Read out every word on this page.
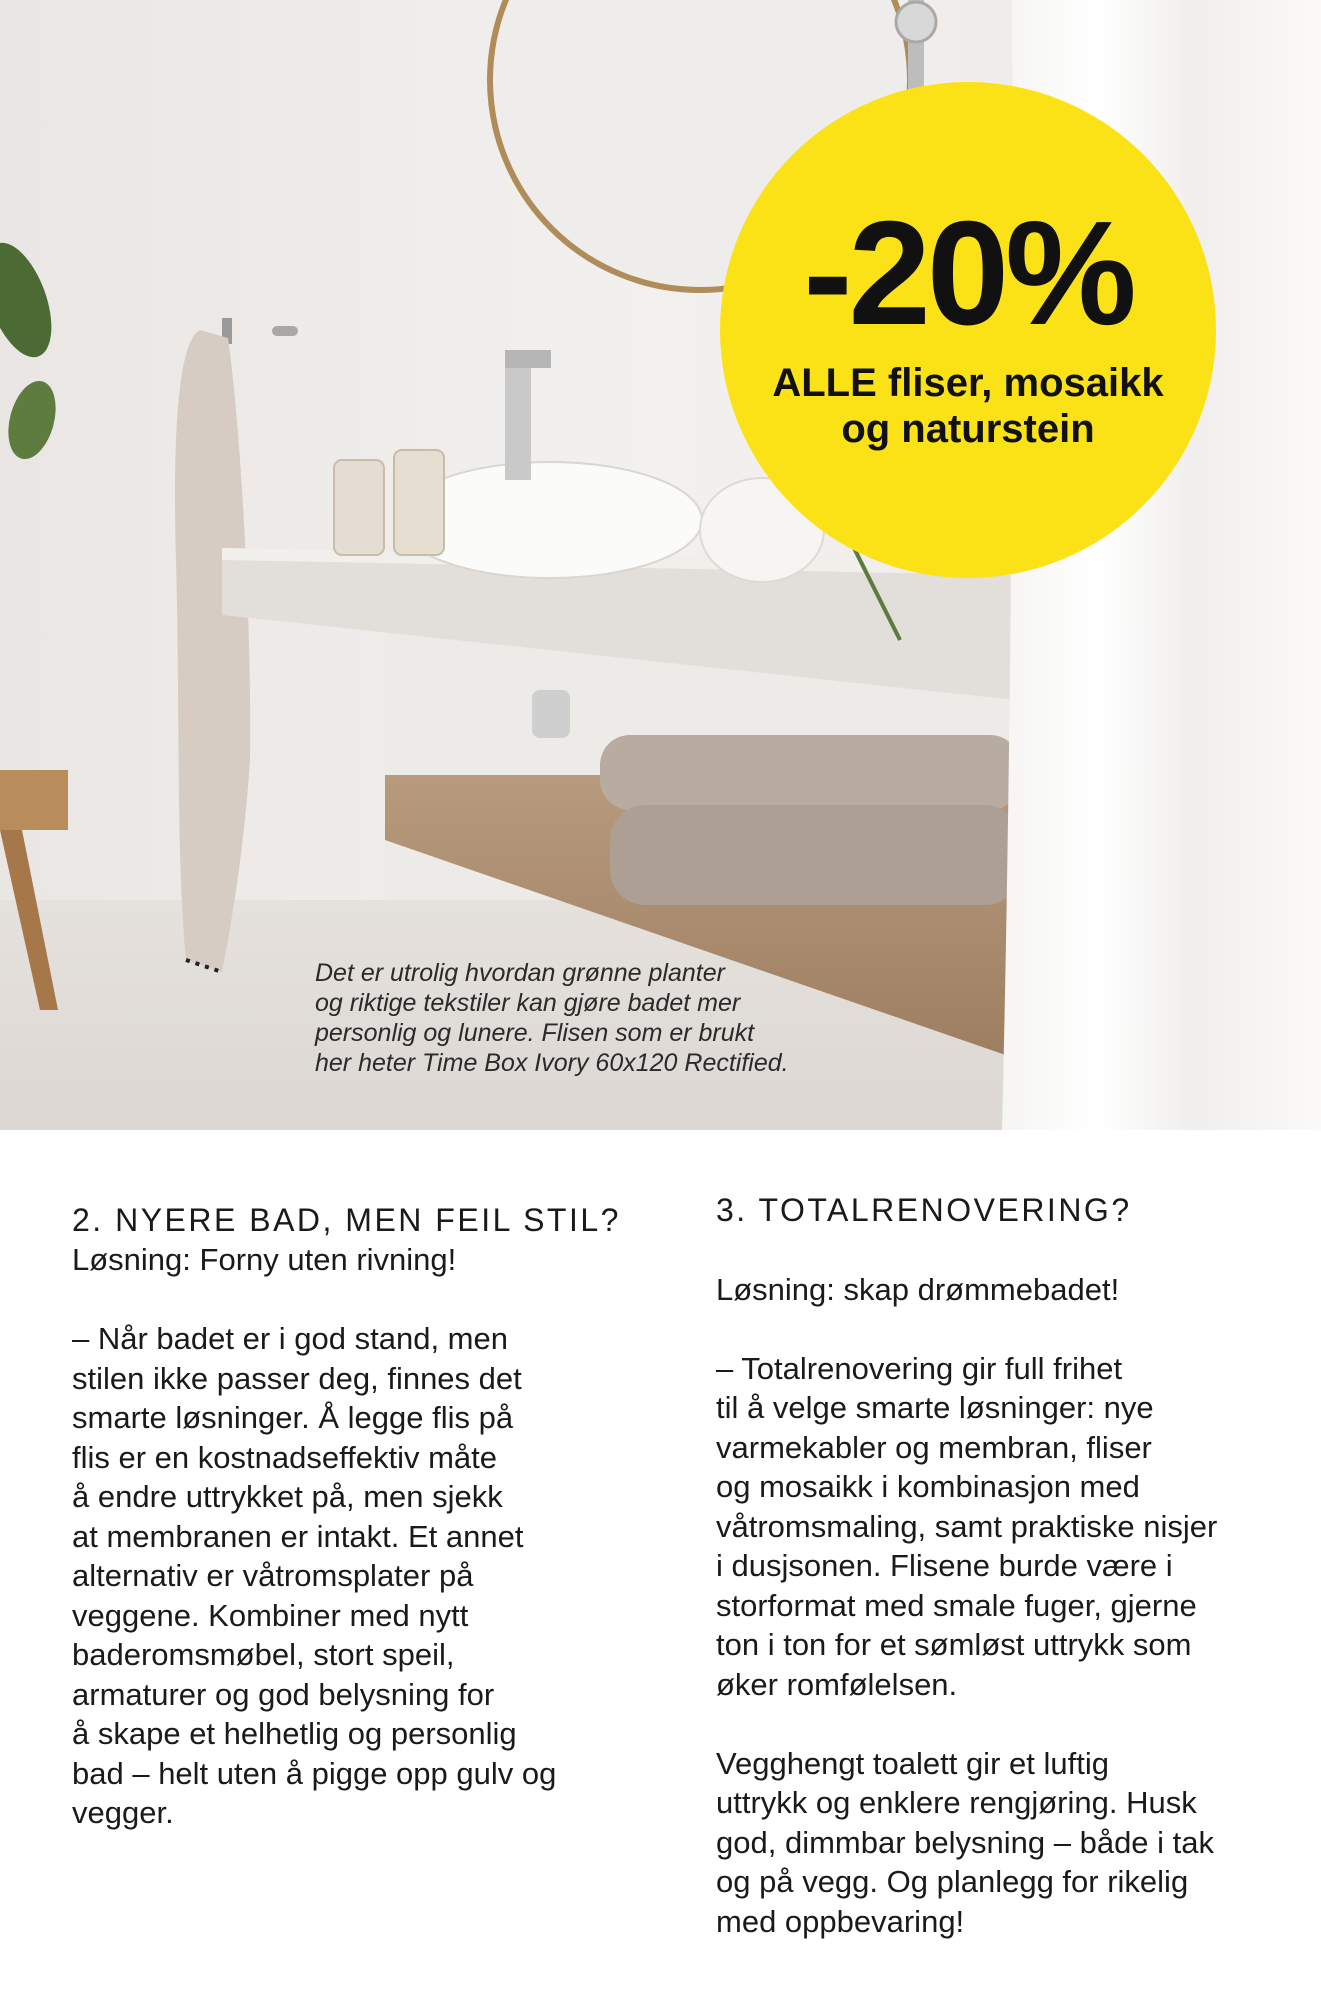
-20%
ALLE fliser, mosaikk og naturstein
Det er utrolig hvordan grønne planter
og riktige tekstiler kan gjøre badet mer
personlig og lunere. Flisen som er brukt
her heter Time Box Ivory 60x120 Rectified.
2. NYERE BAD, MEN FEIL STIL?
Løsning: Forny uten rivning!

– Når badet er i god stand, men
stilen ikke passer deg, finnes det
smarte løsninger. Å legge flis på
flis er en kostnadseffektiv måte
å endre uttrykket på, men sjekk
at membranen er intakt. Et annet
alternativ er våtromsplater på
veggene. Kombiner med nytt
baderomsmøbel, stort speil,
armaturer og god belysning for
å skape et helhetlig og personlig
bad – helt uten å pigge opp gulv og
vegger.
3. TOTALRENOVERING?

Løsning: skap drømmebadet!

– Totalrenovering gir full frihet
til å velge smarte løsninger: nye
varmekabler og membran, fliser
og mosaikk i kombinasjon med
våtromsmaling, samt praktiske nisjer
i dusjsonen. Flisene burde være i
storformat med smale fuger, gjerne
ton i ton for et sømløst uttrykk som
øker romfølelsen.

Vegghengt toalett gir et luftig
uttrykk og enklere rengjøring. Husk
god, dimmbar belysning – både i tak
og på vegg. Og planlegg for rikelig
med oppbevaring!
